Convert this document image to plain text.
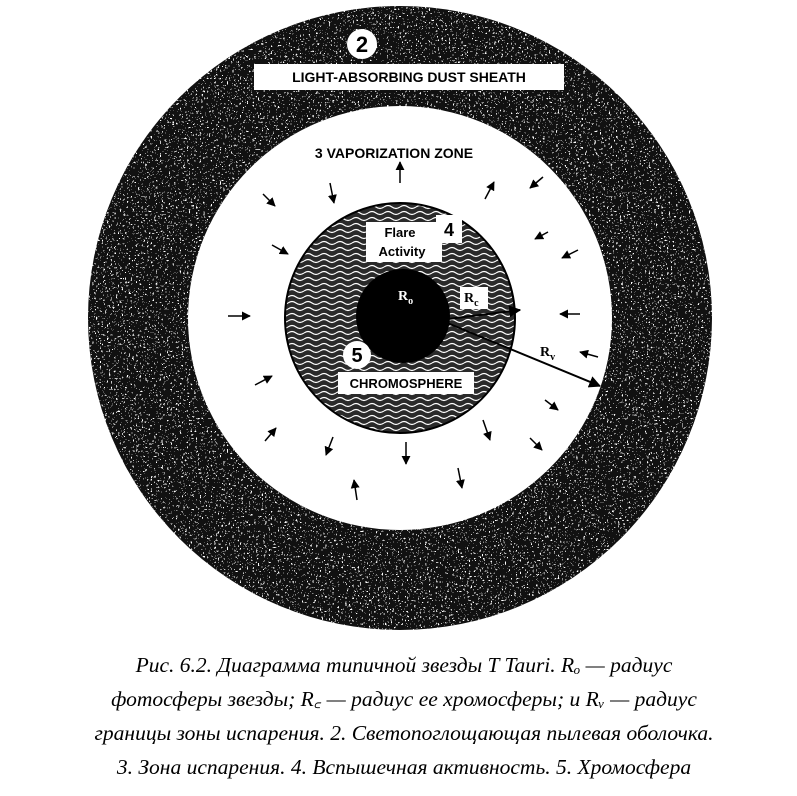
LIGHT-ABSORBING DUST SHEATH
2
3 VAPORIZATION ZONE
Flare
Activity
4
$R_o$	$R_c$
$R_v$
5
CHROMOSPHERE
Рис. 6.2. Диаграмма типичной звезды T Tauri. Rₒ — радиус
фотосферы звезды; R꜀ — радиус ее хромосферы; и Rᵥ — радиус
границы зоны испарения. 2. Светопоглощающая пылевая оболочка.
3. Зона испарения. 4. Вспышечная активность. 5. Хромосфера
